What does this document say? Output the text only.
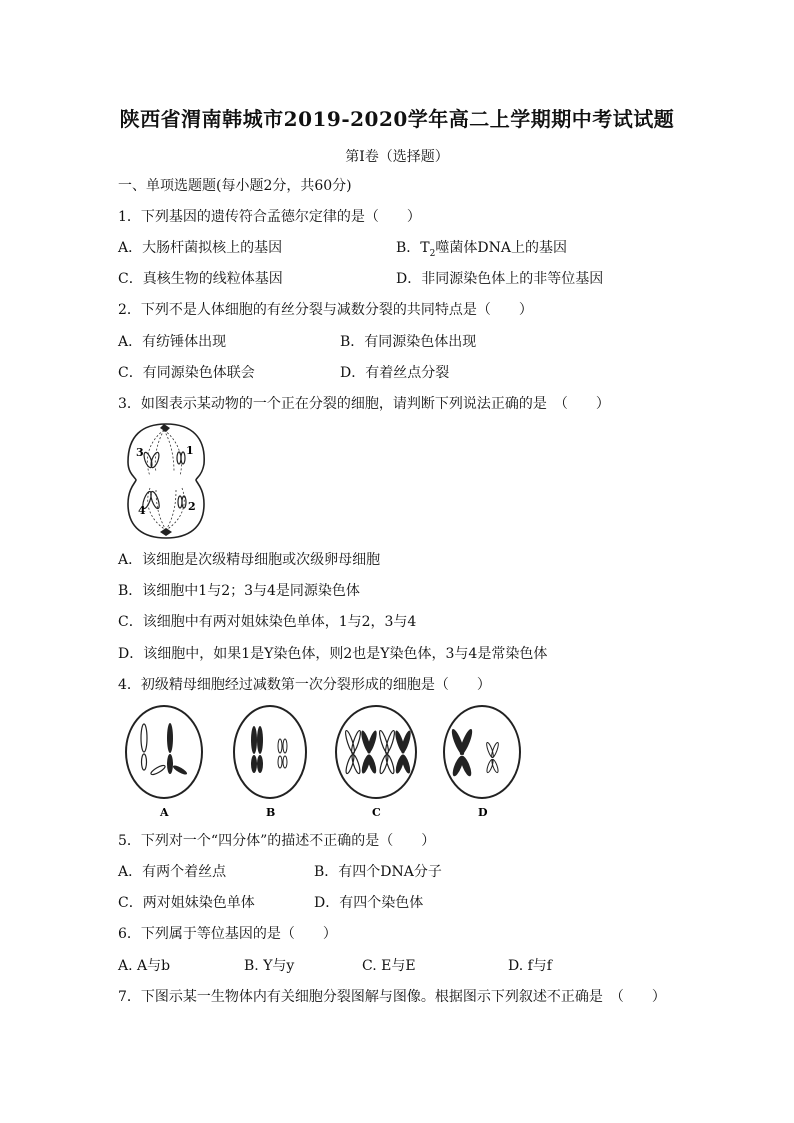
陕西省渭南韩城市2019-2020学年高二上学期期中考试试题
第Ⅰ卷（选择题）
一、单项选题题(每小题2分，共60分)
1．下列基因的遗传符合孟德尔定律的是（　　）
A．大肠杆菌拟核上的基因	B．$T_2$噬菌体DNA上的基因
C．真核生物的线粒体基因	D．非同源染色体上的非等位基因
2．下列不是人体细胞的有丝分裂与减数分裂的共同特点是（　　）
A．有纺锤体出现	B．有同源染色体出现
C．有同源染色体联会	D．有着丝点分裂
3．如图表示某动物的一个正在分裂的细胞，请判断下列说法正确的是　（　　）
3	1
4	2
A．该细胞是次级精母细胞或次级卵母细胞
B．该细胞中1与2；3与4是同源染色体
C．该细胞中有两对姐妹染色单体，1与2，3与4
D．该细胞中，如果1是Y染色体，则2也是Y染色体，3与4是常染色体
4．初级精母细胞经过减数第一次分裂形成的细胞是（　　）
A	B	C	D
5．下列对一个“四分体”的描述不正确的是（　　）
A．有两个着丝点	B．有四个DNA分子
C．两对姐妹染色单体	D．有四个染色体
6．下列属于等位基因的是（　　）
A. A与b	B. Y与y	C. E与E	D. f与f
7．下图示某一生物体内有关细胞分裂图解与图像。根据图示下列叙述不正确是　（　　）
